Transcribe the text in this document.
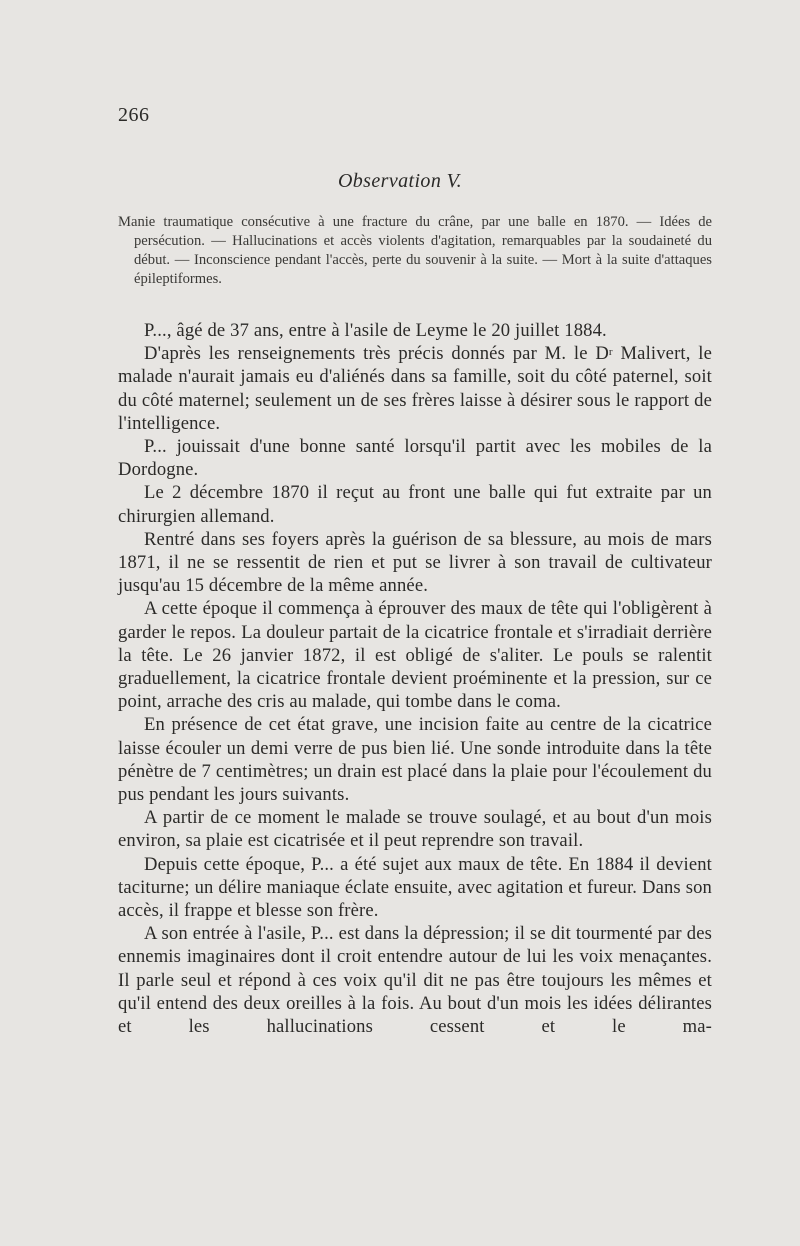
266
Observation V.

Manie traumatique consécutive à une fracture du crâne, par une balle en 1870. — Idées de persécution. — Hallucinations et accès violents d'agitation, remarquables par la soudaineté du début. — Inconscience pendant l'accès, perte du souvenir à la suite. — Mort à la suite d'attaques épileptiformes.

P..., âgé de 37 ans, entre à l'asile de Leyme le 20 juillet 1884.

D'après les renseignements très précis donnés par M. le $D^r$ Malivert, le malade n'aurait jamais eu d'aliénés dans sa famille, soit du côté paternel, soit du côté maternel; seulement un de ses frères laisse à désirer sous le rapport de l'intelligence.

P... jouissait d'une bonne santé lorsqu'il partit avec les mobiles de la Dordogne.

Le 2 décembre 1870 il reçut au front une balle qui fut extraite par un chirurgien allemand.

Rentré dans ses foyers après la guérison de sa blessure, au mois de mars 1871, il ne se ressentit de rien et put se livrer à son travail de cultivateur jusqu'au 15 décembre de la même année.

A cette époque il commença à éprouver des maux de tête qui l'obligèrent à garder le repos. La douleur partait de la cicatrice frontale et s'irradiait derrière la tête. Le 26 janvier 1872, il est obligé de s'aliter. Le pouls se ralentit graduellement, la cicatrice frontale devient proéminente et la pression, sur ce point, arrache des cris au malade, qui tombe dans le coma.

En présence de cet état grave, une incision faite au centre de la cicatrice laisse écouler un demi verre de pus bien lié. Une sonde introduite dans la tête pénètre de 7 centimètres; un drain est placé dans la plaie pour l'écoulement du pus pendant les jours suivants.

A partir de ce moment le malade se trouve soulagé, et au bout d'un mois environ, sa plaie est cicatrisée et il peut reprendre son travail.

Depuis cette époque, P... a été sujet aux maux de tête. En 1884 il devient taciturne; un délire maniaque éclate ensuite, avec agitation et fureur. Dans son accès, il frappe et blesse son frère.

A son entrée à l'asile, P... est dans la dépression; il se dit tourmenté par des ennemis imaginaires dont il croit entendre autour de lui les voix menaçantes. Il parle seul et répond à ces voix qu'il dit ne pas être toujours les mêmes et qu'il entend des deux oreilles à la fois. Au bout d'un mois les idées délirantes et les hallucinations cessent et le ma-
